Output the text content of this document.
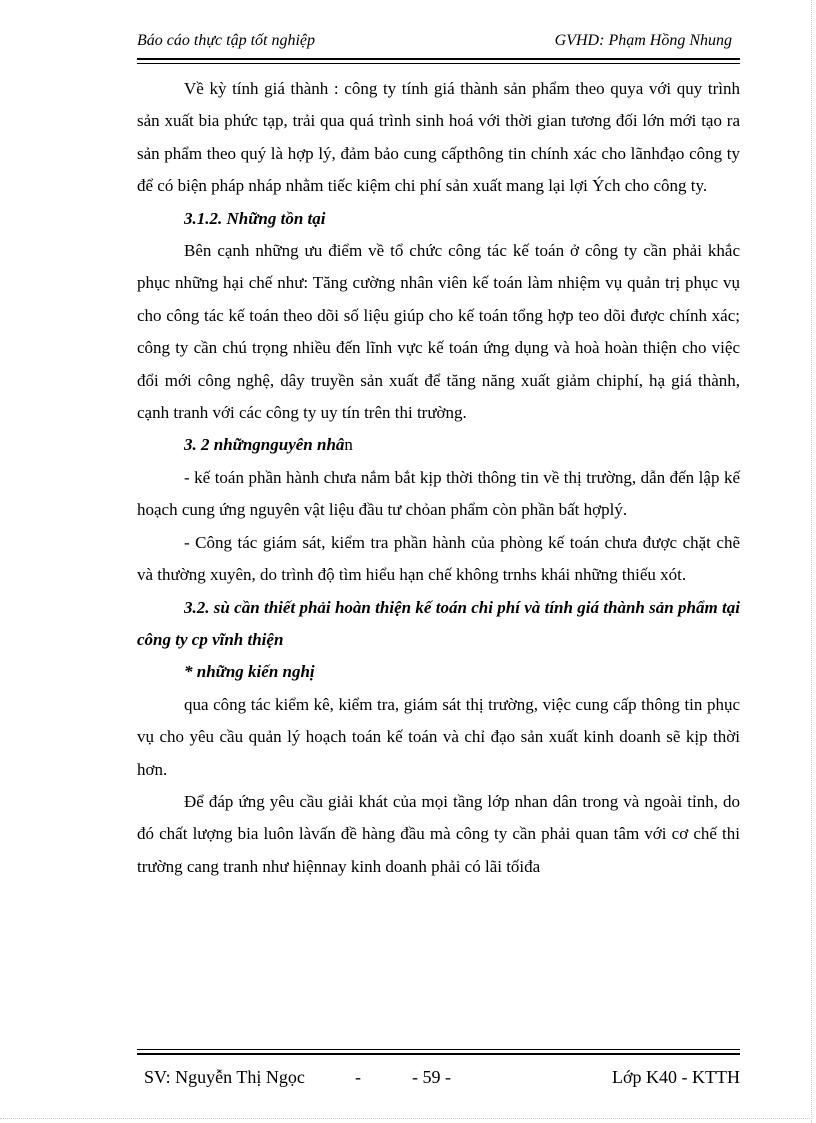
Báo cáo thực tập tốt nghiệp	GVHD: Phạm Hồng Nhung

Về kỳ tính giá thành : công ty tính giá thành sản phẩm theo quya với quy trình sản xuất bia phức tạp, trải qua quá trình sinh hoá với thời gian tương đối lớn mới tạo ra sản phẩm theo quý là hợp lý, đảm bảo cung cấpthông tin chính xác cho lãnhđạo công ty để có biện pháp nháp nhằm tiếc kiệm chi phí sản xuất mang lại lợi Ých cho công ty.

3.1.2. Những tồn tại

Bên cạnh những ưu điểm về tổ chức công tác kế toán ở công ty cần phải khắc phục những hại chế như: Tăng cường nhân viên kế toán làm nhiệm vụ quản trị phục vụ cho công tác kế toán theo dõi số liệu giúp cho kế toán tổng hợp teo dõi được chính xác; công ty cần chú trọng nhiều đến lĩnh vực kế toán ứng dụng và hoà hoàn thiện cho việc đổi mới công nghệ, dây truyền sản xuất để tăng năng xuất giảm chiphí, hạ giá thành, cạnh tranh với các công ty uy tín trên thi trường.

3. 2 nhữngnguyên nhân

- kế toán phần hành chưa nắm bắt kịp thời thông tin về thị trường, dẫn đến lập kế hoạch cung ứng nguyên vật liệu đầu tư chỏan phẩm còn phần bất hợplý.

- Công tác giám sát, kiểm tra phần hành của phòng kế toán chưa được chặt chẽ và thường xuyên, do trình độ tìm hiểu hạn chế không trnhs khái những thiếu xót.

3.2. sù cần thiết phải hoàn thiện kế toán chi phí và tính giá thành sản phẩm tại công ty cp vĩnh thiện
* những kiến nghị

qua công tác kiểm kê, kiểm tra, giám sát thị trường, việc cung cấp thông tin phục vụ cho yêu cầu quản lý hoạch toán kế toán và chỉ đạo sản xuất kinh doanh sẽ kịp thời hơn.

Để đáp ứng yêu cầu giải khát của mọi tầng lớp nhan dân trong và ngoài tỉnh, do đó chất lượng bia luôn làvấn đề hàng đầu mà công ty cần phải quan tâm với cơ chế thi trường cang tranh như hiệnnay kinh doanh phải có lãi tốiđa

SV: Nguyễn Thị Ngọc	-	- 59 -	Lớp K40 - KTTH
